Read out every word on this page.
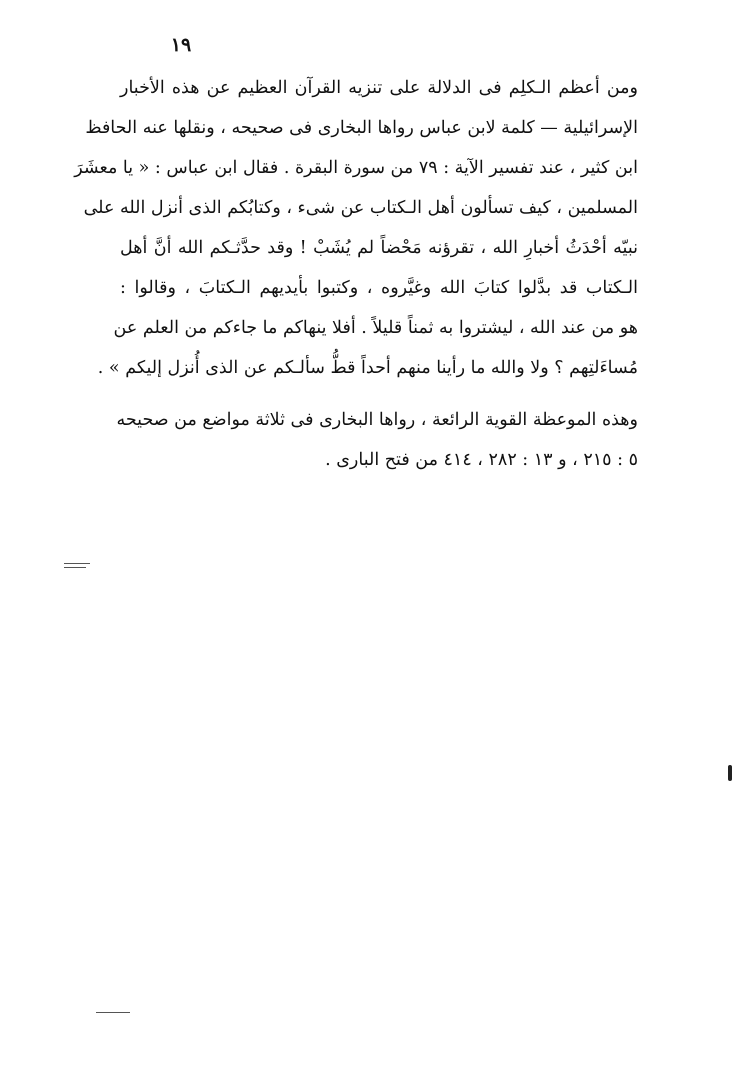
١٩
ومن أعظم الـكلِم فى الدلالة على تنزيه القرآن العظيم عن هذه الأخبار
الإسرائيلية — كلمة لابن عباس رواها البخارى فى صحيحه ، ونقلها عنه الحافظ
ابن كثير ، عند تفسير الآية : ٧٩ من سورة البقرة . فقال ابن عباس : « يا معشَرَ
المسلمين ، كيف تسألون أهل الـكتاب عن شىء ، وكتابُكم الذى أنزل الله على
نبيّه أحْدَثُ أخبارِ الله ، تقرؤنه مَحْضاً لم يُشَبْ ! وقد حدَّثـكم الله أنَّ أهل
الـكتاب قد بدَّلوا كتابَ الله وغيَّروه ، وكتبوا بأيديهم الـكتابَ ، وقالوا :
هو من عند الله ، ليشتروا به ثمناً قليلاً . أفلا ينهاكم ما جاءكم من العلم عن
مُساءَلتِهم ؟ ولا والله ما رأينا منهم أحداً قطُّ سألـكم عن الذى أُنزل إليكم » .
وهذه الموعظة القوية الرائعة ، رواها البخارى فى ثلاثة مواضع من صحيحه
٥ : ٢١٥ ، و ١٣ : ٢٨٢ ، ٤١٤ من فتح البارى .
